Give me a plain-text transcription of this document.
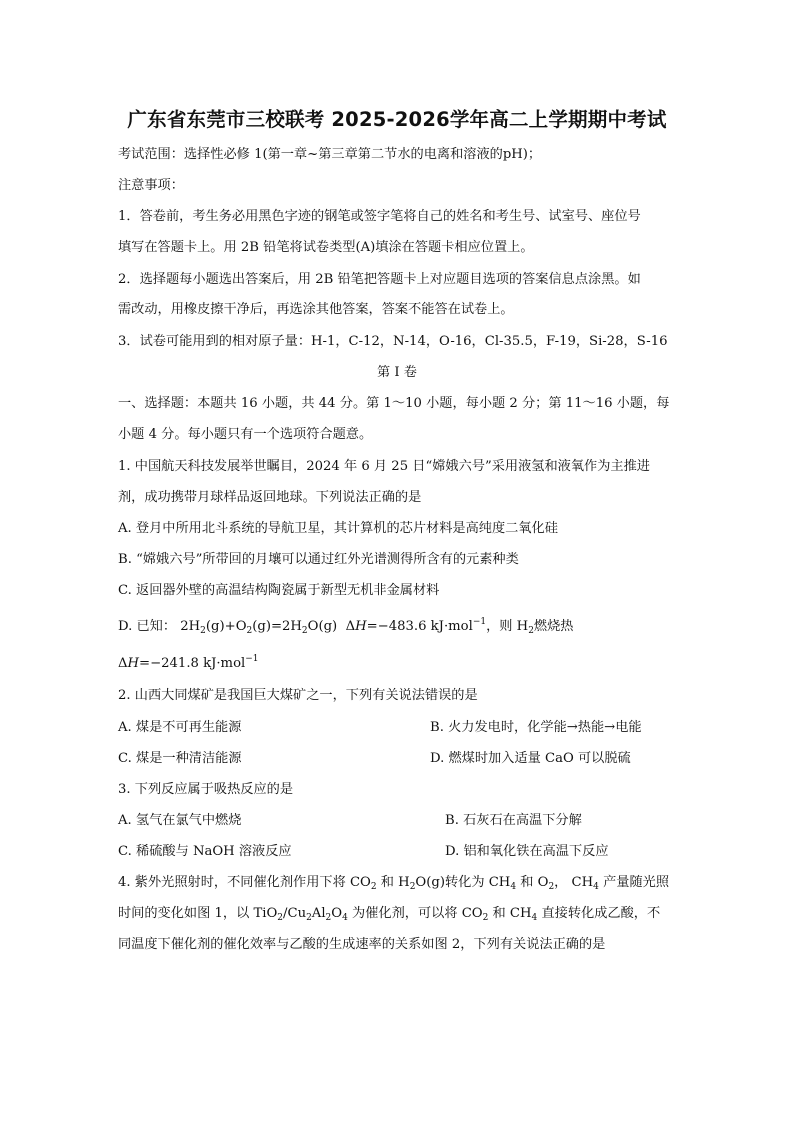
广东省东莞市三校联考 2025-2026学年高二上学期期中考试
考试范围：选择性必修 1(第一章~第三章第二节水的电离和溶液的pH)；
注意事项：
1．答卷前，考生务必用黑色字迹的钢笔或签字笔将自己的姓名和考生号、试室号、座位号
填写在答题卡上。用 2B 铅笔将试卷类型(A)填涂在答题卡相应位置上。
2．选择题每小题选出答案后，用 2B 铅笔把答题卡上对应题目选项的答案信息点涂黑。如
需改动，用橡皮擦干净后，再选涂其他答案，答案不能答在试卷上。
3．试卷可能用到的相对原子量：H-1，C-12，N-14，O-16，Cl-35.5，F-19，Si-28，S-16
第 I 卷
一、选择题：本题共 16 小题，共 44 分。第 1～10 小题，每小题 2 分；第 11～16 小题，每
小题 4 分。每小题只有一个选项符合题意。
1. 中国航天科技发展举世瞩目，2024 年 6 月 25 日“嫦娥六号”采用液氢和液氧作为主推进
剂，成功携带月球样品返回地球。下列说法正确的是
A. 登月中所用北斗系统的导航卫星，其计算机的芯片材料是高纯度二氧化硅
B. “嫦娥六号”所带回的月壤可以通过红外光谱测得所含有的元素种类
C. 返回器外壁的高温结构陶瓷属于新型无机非金属材料
D. 已知： $2H_2(g)+O_2(g)=2H_2O(g)$  ΔH=−483.6 kJ·mol$^{-1}$，则 $H_2$燃烧热
ΔH=−241.8 kJ·mol$^{-1}$
2. 山西大同煤矿是我国巨大煤矿之一，下列有关说法错误的是
A. 煤是不可再生能源	B. 火力发电时，化学能→热能→电能
C. 煤是一种清洁能源	D. 燃煤时加入适量 CaO 可以脱硫
3. 下列反应属于吸热反应的是
A. 氢气在氯气中燃烧	B. 石灰石在高温下分解
C. 稀硫酸与 NaOH 溶液反应	D. 铝和氧化铁在高温下反应
4. 紫外光照射时，不同催化剂作用下将 $CO_2$ 和 $H_2O(g)$转化为 $CH_4$ 和 $O_2$， $CH_4$ 产量随光照
时间的变化如图 1，以 $TiO_2/Cu_2Al_2O_4$ 为催化剂，可以将 $CO_2$ 和 $CH_4$ 直接转化成乙酸，不
同温度下催化剂的催化效率与乙酸的生成速率的关系如图 2，下列有关说法正确的是
